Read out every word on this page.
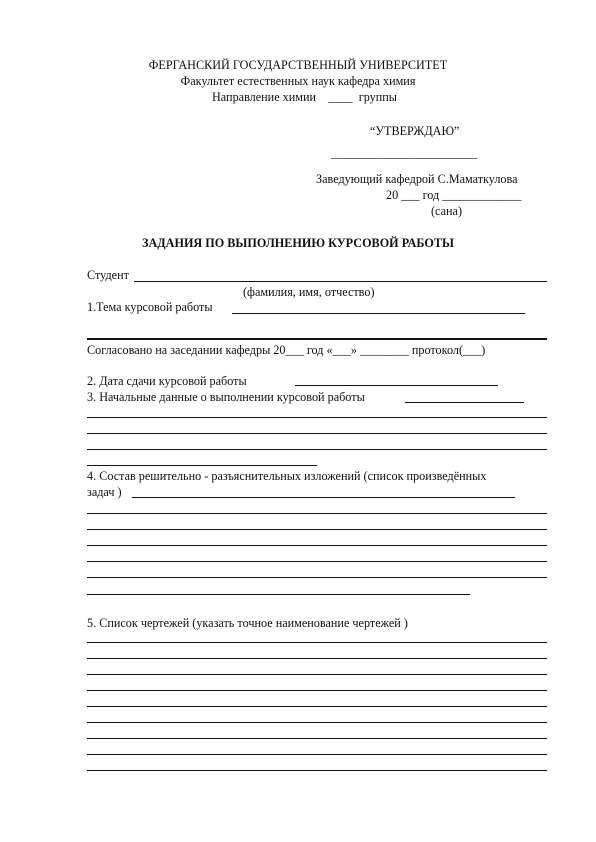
ФЕРГАНСКИЙ ГОСУДАРСТВЕННЫЙ УНИВЕРСИТЕТ
Факультет естественных наук кафедра химия
Направление химии ____ группы
“УТВЕРЖДАЮ”
________________________
Заведующий кафедрой С.Маматкулова
20 ___ год _____________
(сана)
ЗАДАНИЯ ПО ВЫПОЛНЕНИЮ КУРСОВОЙ РАБОТЫ
Студент
(фамилия, имя, отчество)
1.Тема курсовой работы
Согласовано на заседании кафедры 20___ год «___» ________ протокол(___)
2. Дата сдачи курсовой работы
3. Начальные данные о выполнении курсовой работы
4. Состав решительно - разъяснительных изложений (список произведённых
задач )
5. Список чертежей (указать точное наименование чертежей )
